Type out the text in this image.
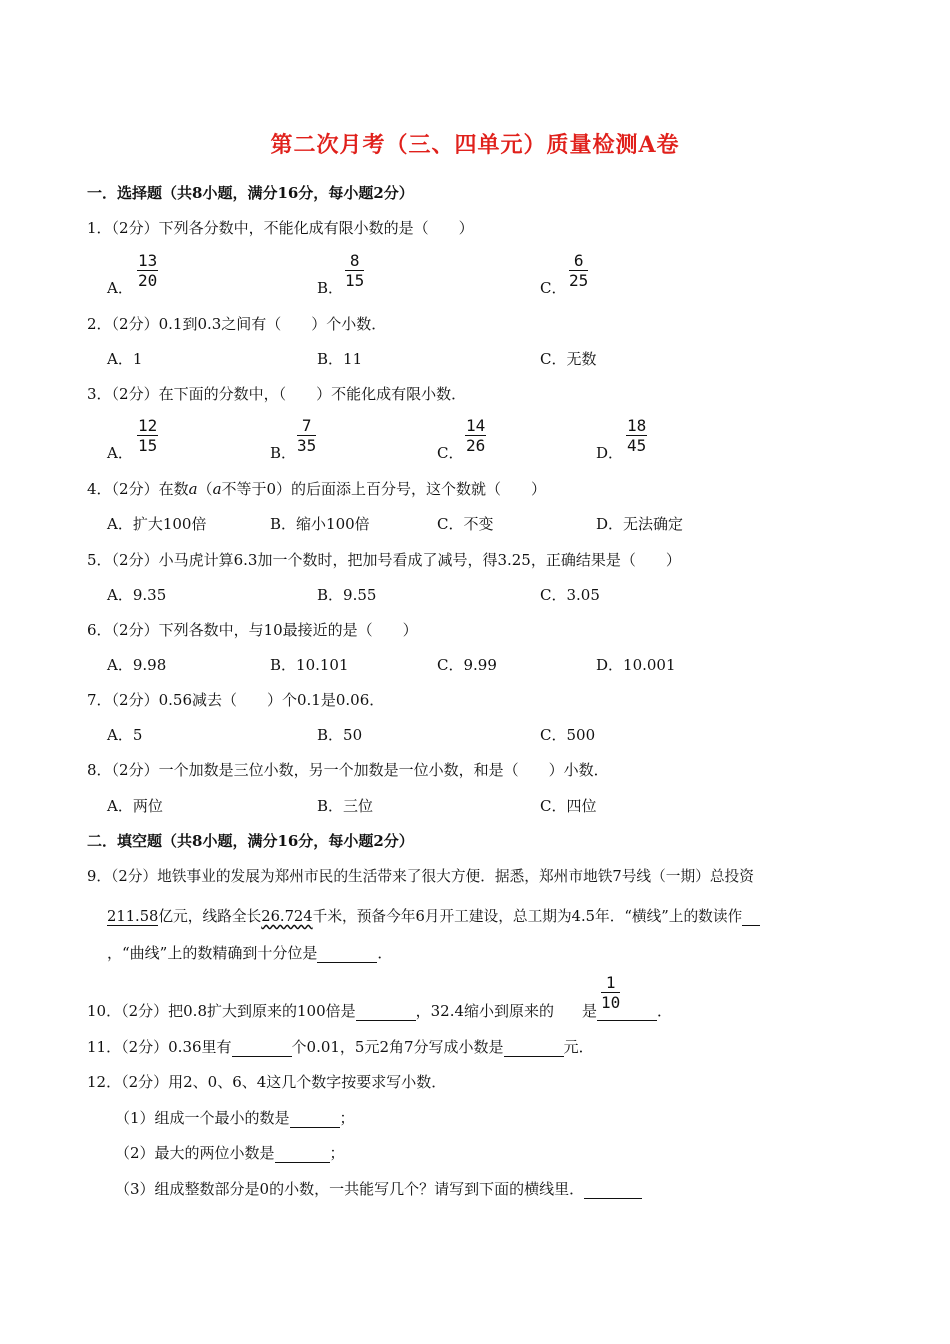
第二次月考（三、四单元）质量检测A卷
一．选择题（共8小题，满分16分，每小题2分）
1．（2分）下列各分数中，不能化成有限小数的是（　　）
A． $\frac{13}{20}$	B． $\frac{8}{15}$	C． $\frac{6}{25}$
2．（2分）0.1到0.3之间有（　　）个小数．
A．1	B．11	C．无数
3．（2分）在下面的分数中，（　　）不能化成有限小数．
A． $\frac{12}{15}$	B． $\frac{7}{35}$	C． $\frac{14}{26}$	D． $\frac{18}{45}$
4．（2分）在数a（a不等于0）的后面添上百分号，这个数就（　　）
A．扩大100倍	B．缩小100倍	C．不变	D．无法确定
5．（2分）小马虎计算6.3加一个数时，把加号看成了减号，得3.25，正确结果是（　　）
A．9.35	B．9.55	C．3.05
6．（2分）下列各数中，与10最接近的是（　　）
A．9.98	B．10.101	C．9.99	D．10.001
7．（2分）0.56减去（　　）个0.1是0.06．
A．5	B．50	C．500
8．（2分）一个加数是三位小数，另一个加数是一位小数，和是（　　）小数．
A．两位	B．三位	C．四位
二．填空题（共8小题，满分16分，每小题2分）
9．（2分）地铁事业的发展为郑州市民的生活带来了很大方便．据悉，郑州市地铁7号线（一期）总投资
211.58亿元，线路全长26.724千米，预备今年6月开工建设，总工期为4.5年．“横线”上的数读作
，“曲线”上的数精确到十分位是	．
10．（2分）把0.8扩大到原来的100倍是	，32.4缩小到原来的 是	．
$\frac{1}{10}$
11．（2分）0.36里有	个0.01，5元2角7分写成小数是	元．
12．（2分）用2、0、6、4这几个数字按要求写小数．
（1）组成一个最小的数是	；
（2）最大的两位小数是	；
（3）组成整数部分是0的小数，一共能写几个？请写到下面的横线里．
